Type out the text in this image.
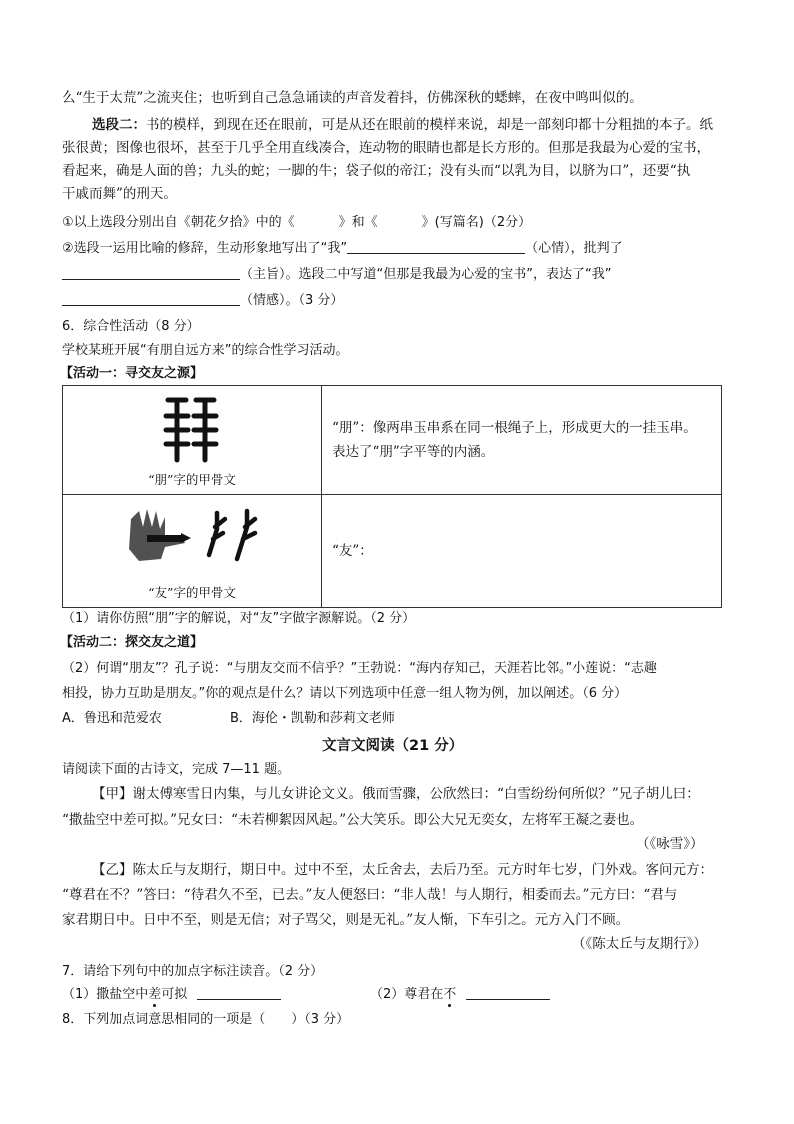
么“生于太荒”之流夹住；也听到自己急急诵读的声音发着抖，仿佛深秋的蟋蟀，在夜中鸣叫似的。
选段二：书的模样，到现在还在眼前，可是从还在眼前的模样来说，却是一部刻印都十分粗拙的本子。纸
张很黄；图像也很坏，甚至于几乎全用直线凑合，连动物的眼睛也都是长方形的。但那是我最为心爱的宝书，
看起来，确是人面的兽；九头的蛇；一脚的牛；袋子似的帝江；没有头而“以乳为目，以脐为口”，还要“执
干戚而舞”的刑天。
①以上选段分别出自《朝花夕拾》中的《	》和《	》(写篇名)（2分）
②选段一运用比喻的修辞，生动形象地写出了“我”	（心情），批判了
（主旨）。选段二中写道“但那是我最为心爱的宝书”，表达了“我”
（情感）。（3 分）
6．综合性活动（8 分）
学校某班开展“有朋自远方来”的综合性学习活动。
【活动一：寻交友之源】
“朋”字的甲骨文	“朋”：像两串玉串系在同一根绳子上，形成更大的一挂玉串。
表达了“朋”字平等的内涵。

“友”字的甲骨文	“友”：
（1）请你仿照“朋”字的解说，对“友”字做字源解说。（2 分）
【活动二：探交友之道】
（2）何谓“朋友”？孔子说：“与朋友交而不信乎？”王勃说：“海内存知己，天涯若比邻。”小莲说：“志趣
相投，协力互助是朋友。”你的观点是什么？请以下列选项中任意一组人物为例，加以阐述。（6 分）
A．鲁迅和范爱农	B．海伦・凯勒和莎莉文老师
文言文阅读（21 分）
请阅读下面的古诗文，完成 7—11 题。
【甲】谢太傅寒雪日内集，与儿女讲论文义。俄而雪骤，公欣然曰：“白雪纷纷何所似？”兄子胡儿曰：
“撒盐空中差可拟。”兄女曰：“未若柳絮因风起。”公大笑乐。即公大兄无奕女，左将军王凝之妻也。
（《咏雪》）
【乙】陈太丘与友期行，期日中。过中不至，太丘舍去，去后乃至。元方时年七岁，门外戏。客问元方：
“尊君在不？”答曰：“待君久不至，已去。”友人便怒曰：“非人哉！与人期行，相委而去。”元方曰：“君与
家君期日中。日中不至，则是无信；对子骂父，则是无礼。”友人惭，下车引之。元方入门不顾。
（《陈太丘与友期行》）
7．请给下列句中的加点字标注读音。（2 分）
（1）撒盐空中差可拟	（2）尊君在不
8．下列加点词意思相同的一项是（　　）（3 分）
